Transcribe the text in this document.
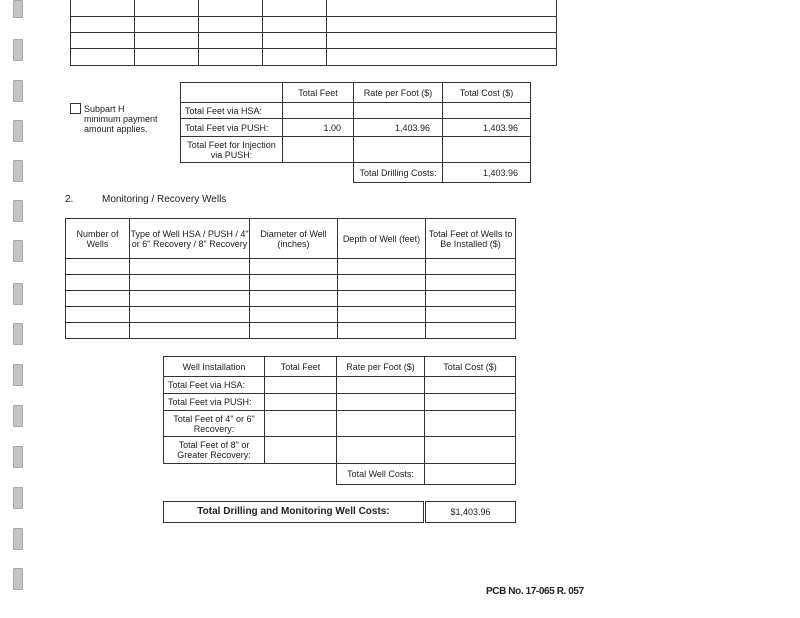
Subpart H
minimum payment
amount applies.
	Total Feet	Rate per Foot ($)	Total Cost ($)
Total Feet via HSA:			
Total Feet via PUSH:	1.00	1,403.96	1,403.96
Total Feet for Injection via PUSH:			
		Total Drilling Costs:	1,403.96
2.	Monitoring / Recovery Wells
Number of Wells	Type of Well HSA / PUSH / 4" or 6" Recovery / 8" Recovery	Diameter of Well (inches)	Depth of Well (feet)	Total Feet of Wells to Be Installed ($)

Well Installation	Total Feet	Rate per Foot ($)	Total Cost ($)
Total Feet via HSA:			
Total Feet via PUSH:			
Total Feet of 4" or 6" Recovery:			
Total Feet of 8" or Greater Recovery:			
		Total Well Costs:	
Total Drilling and Monitoring Well Costs:	$1,403.96
PCB No. 17-065 R. 057
